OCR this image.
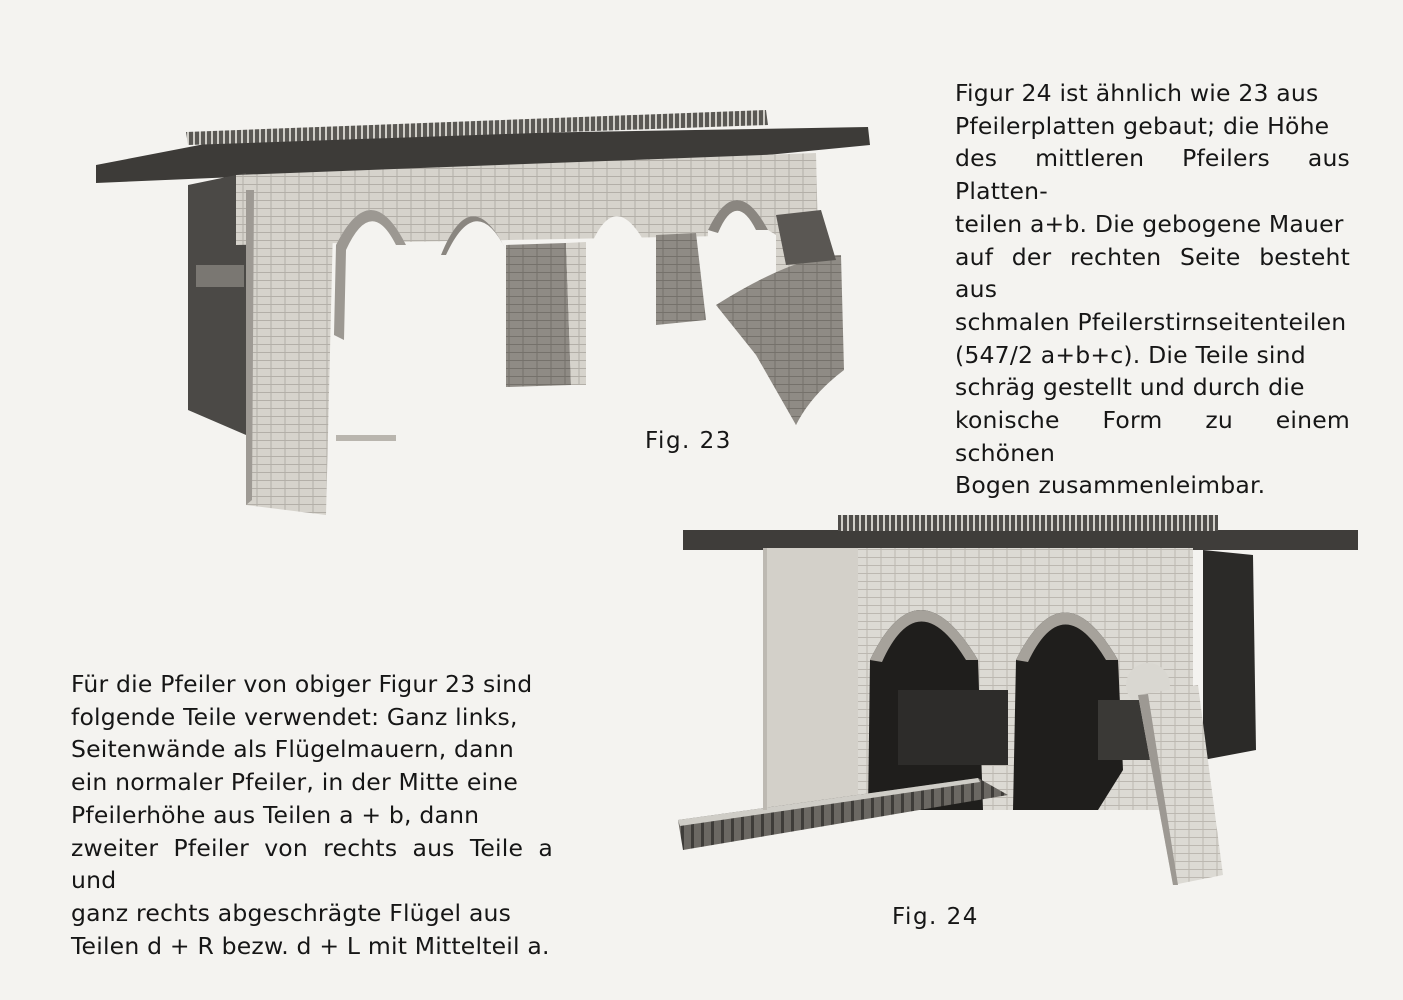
Figur 24 ist ähnlich wie 23 aus
Pfeilerplatten gebaut; die Höhe
des mittleren Pfeilers aus Platten-
teilen a+b. Die gebogene Mauer
auf der rechten Seite besteht aus
schmalen Pfeilerstirnseitenteilen
(547/2 a+b+c). Die Teile sind
schräg gestellt und durch die
konische Form zu einem schönen
Bogen zusammenleimbar.

Fig. 23

Für die Pfeiler von obiger Figur 23 sind
folgende Teile verwendet: Ganz links,
Seitenwände als Flügelmauern, dann
ein normaler Pfeiler, in der Mitte eine
Pfeilerhöhe aus Teilen a + b, dann
zweiter Pfeiler von rechts aus Teile a und
ganz rechts abgeschrägte Flügel aus
Teilen d + R bezw. d + L mit Mittelteil a.

Fig. 24
